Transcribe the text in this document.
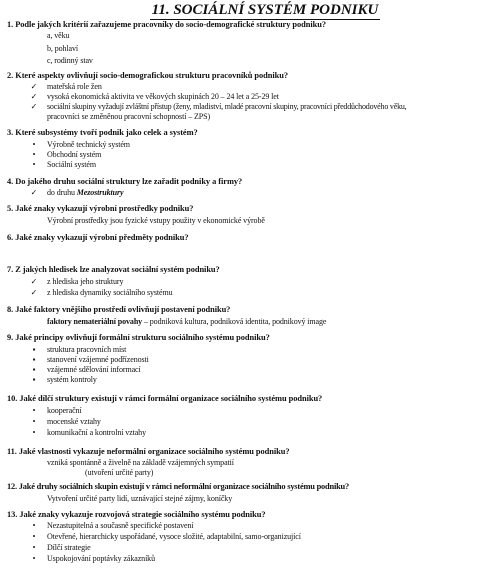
11. SOCIÁLNÍ SYSTÉM PODNIKU
1. Podle jakých kritérií zařazujeme pracovníky do socio-demografické struktury podniku?
a, věku
b, pohlaví
c, rodinný stav
2. Které aspekty ovlivňují socio-demografickou strukturu pracovníků podniku?
✓	mateřská role žen
✓	vysoká ekonomická aktivita ve věkových skupinách 20 – 24 let a 25-29 let
✓	sociální skupiny vyžadují zvláštní přístup (ženy, mladiství, mladé pracovní skupiny, pracovníci předdůchodového věku,
pracovníci se změněnou pracovní schopností – ZPS)
3. Které subsystémy tvoří podnik jako celek a systém?
•	Výrobně technický systém
•	Obchodní systém
•	Sociální systém
4. Do jakého druhu sociální struktury lze zařadit podniky a firmy?
✓	do druhu Mezostruktury
5. Jaké znaky vykazují výrobní prostředky podniku?
Výrobní prostředky jsou fyzické vstupy použity v ekonomické výrobě
6. Jaké znaky vykazují výrobní předměty podniku?
7. Z jakých hledisek lze analyzovat sociální systém podniku?
✓	z hlediska jeho struktury
✓	z hlediska dynamiky sociálního systému
8. Jaké faktory vnějšího prostředí ovlivňují postavení podniku?
faktory nemateriální povahy – podniková kultura, podniková identita, podnikový image
9. Jaké principy ovlivňují formální strukturu sociálního systému podniku?
▪	struktura pracovních míst
▪	stanovení vzájemné podřízenosti
▪	vzájemné sdělování informací
▪	systém kontroly
10. Jaké dílčí struktury existují v rámci formální organizace sociálního systému podniku?
•	kooperační
•	mocenské vztahy
•	komunikační a kontrolní vztahy
11. Jaké vlastnosti vykazuje neformální organizace sociálního systému podniku?
vzniká spontánně a živelně na základě vzájemných sympatií
(utvoření určité party)
12. Jaké druhy sociálních skupin existují v rámci neformální organizace sociálního systému podniku?
Vytvoření určité party lidí, uznávající stejné zájmy, koníčky
13. Jaké znaky vykazuje rozvojová strategie sociálního systému podniku?
•	Nezastupitelná a současně specifické postavení
•	Otevřené, hierarchicky uspořádané, vysoce složité, adaptabilní, samo-organizující
•	Dílčí strategie
•	Uspokojování poptávky zákazníků
